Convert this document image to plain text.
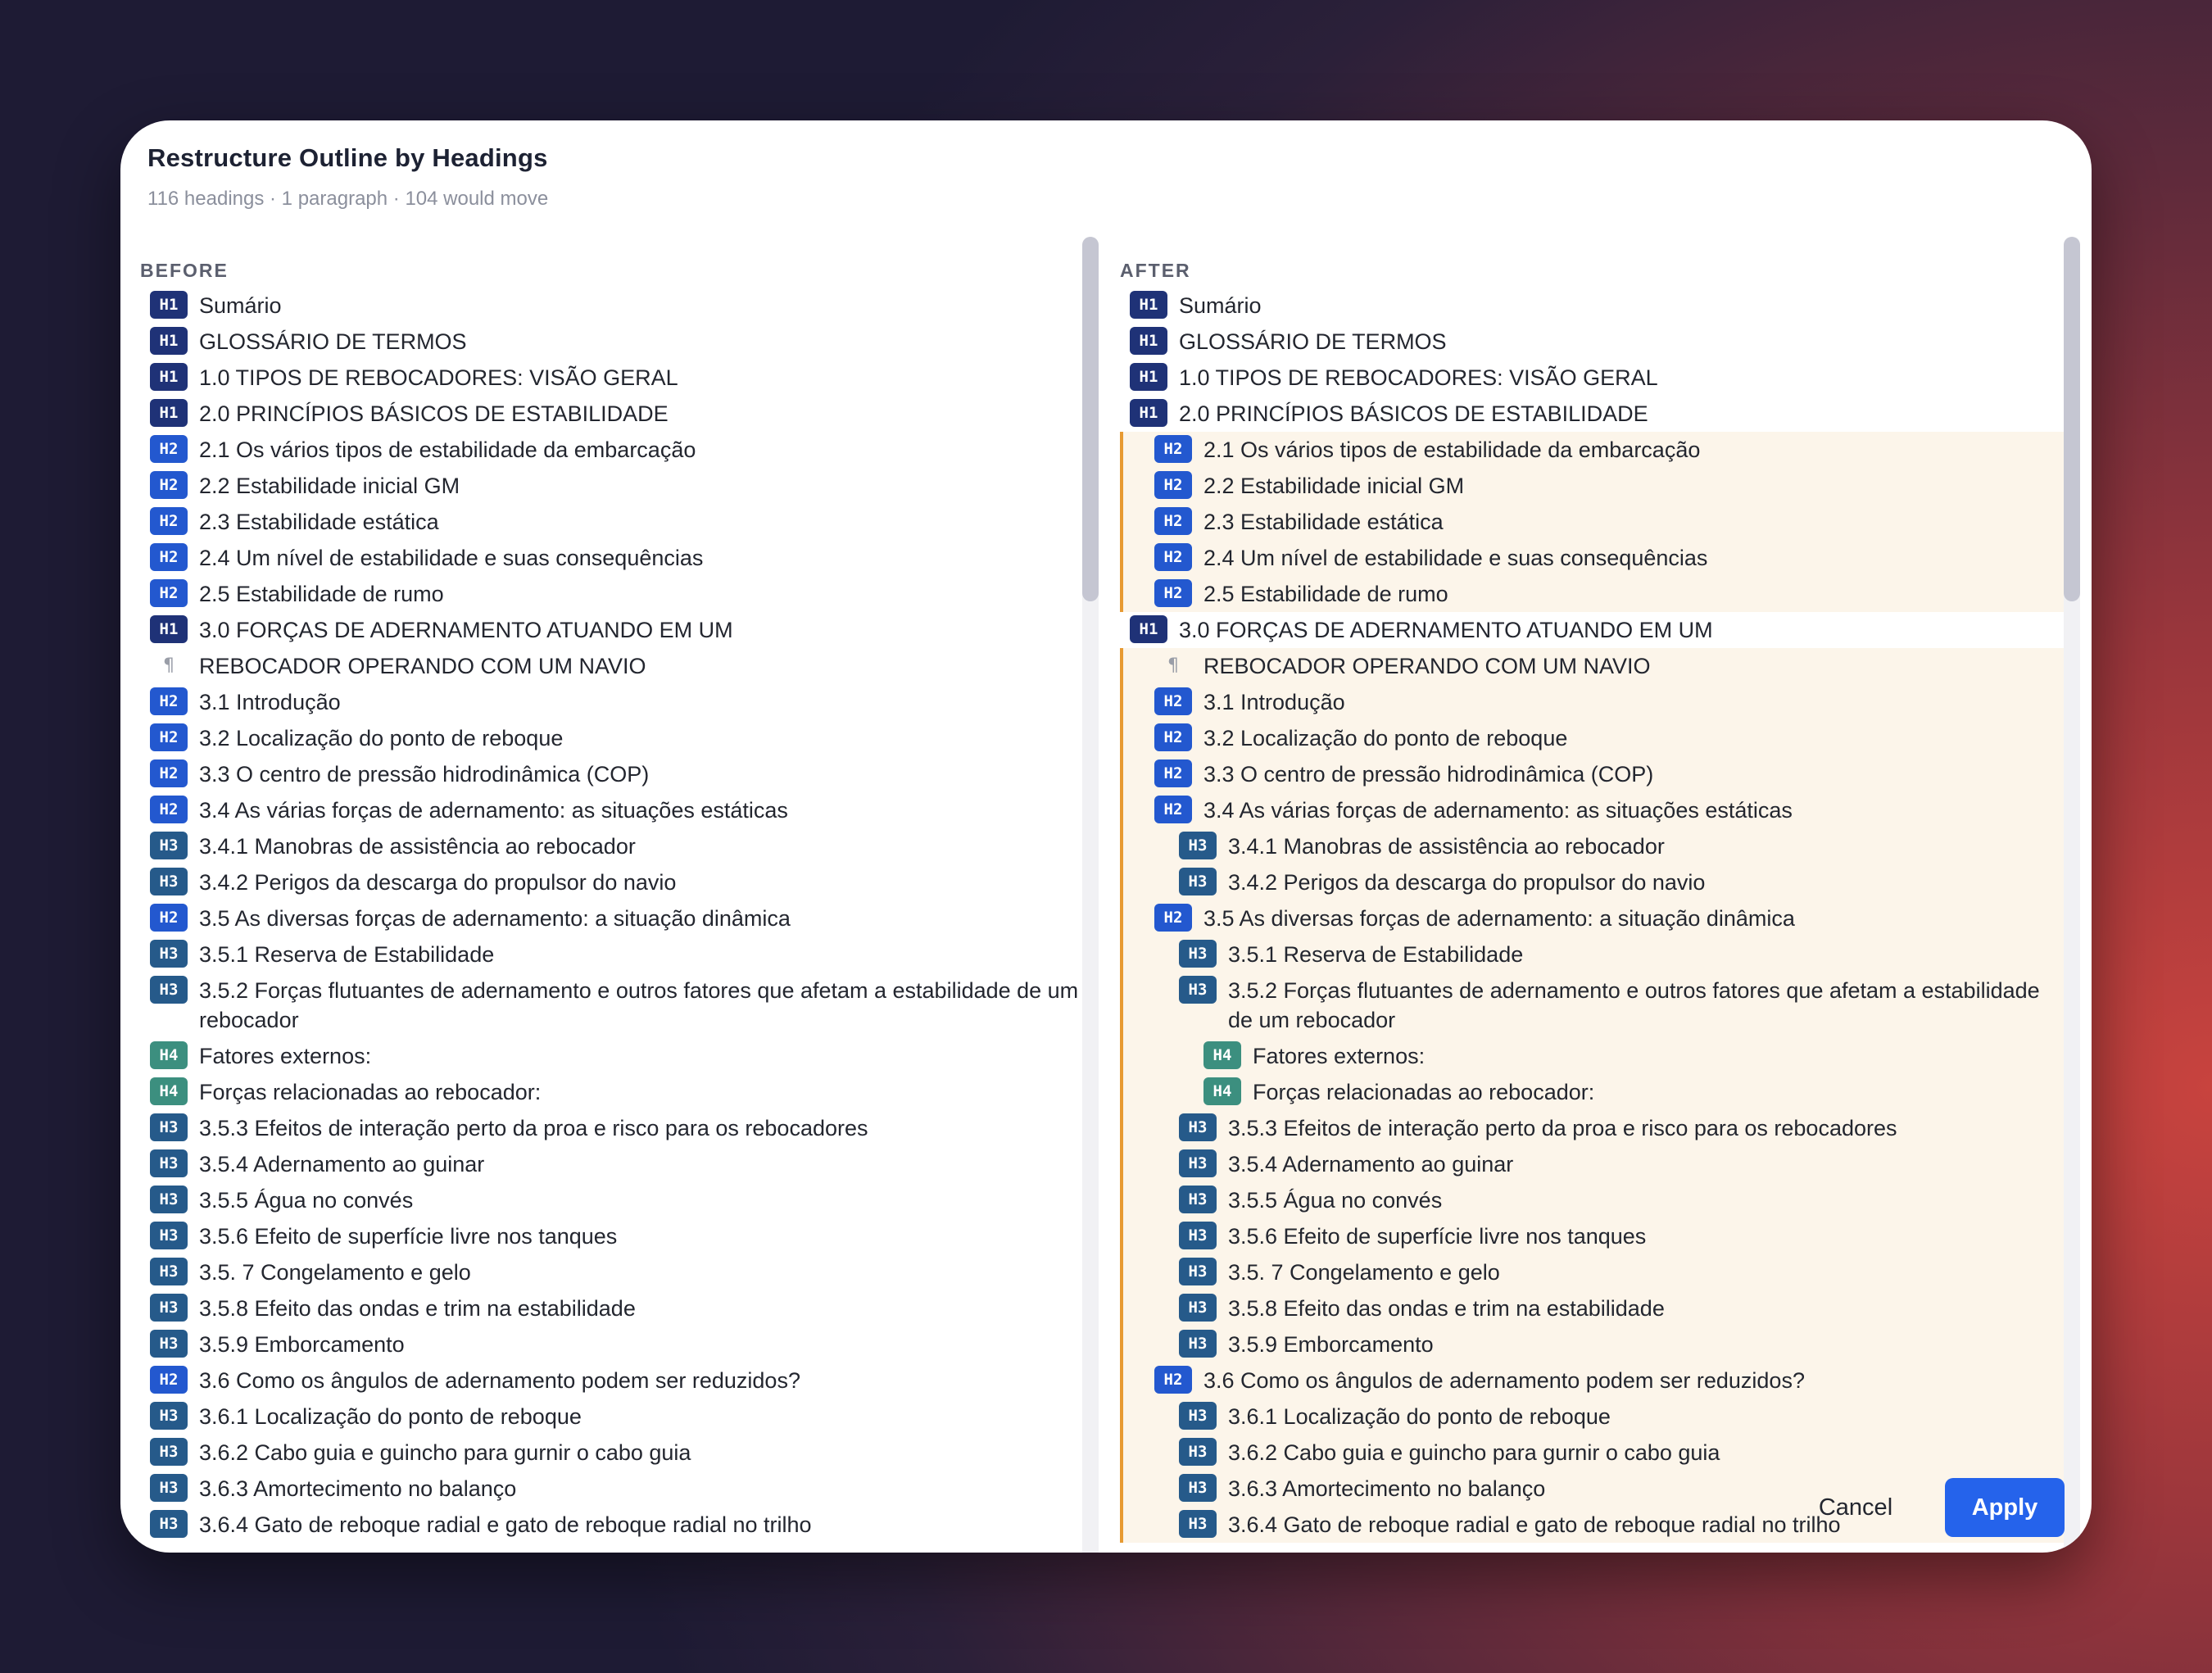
Restructure Outline by Headings
116 headings · 1 paragraph · 104 would move
BEFORE
H1 Sumário
H1 GLOSSÁRIO DE TERMOS
H1 1.0 TIPOS DE REBOCADORES: VISÃO GERAL
H1 2.0 PRINCÍPIOS BÁSICOS DE ESTABILIDADE
H2 2.1 Os vários tipos de estabilidade da embarcação
H2 2.2 Estabilidade inicial GM
H2 2.3 Estabilidade estática
H2 2.4 Um nível de estabilidade e suas consequências
H2 2.5 Estabilidade de rumo
H1 3.0 FORÇAS DE ADERNAMENTO ATUANDO EM UM
¶	REBOCADOR OPERANDO COM UM NAVIO
H2 3.1 Introdução
H2 3.2 Localização do ponto de reboque
H2 3.3 O centro de pressão hidrodinâmica (COP)
H2 3.4 As várias forças de adernamento: as situações estáticas
H3 3.4.1 Manobras de assistência ao rebocador
H3 3.4.2 Perigos da descarga do propulsor do navio
H2 3.5 As diversas forças de adernamento: a situação dinâmica
H3 3.5.1 Reserva de Estabilidade
H3 3.5.2 Forças flutuantes de adernamento e outros fatores que afetam a estabilidade de um rebocador
H4 Fatores externos:
H4 Forças relacionadas ao rebocador:
H3 3.5.3 Efeitos de interação perto da proa e risco para os rebocadores
H3 3.5.4 Adernamento ao guinar
H3 3.5.5 Água no convés
H3 3.5.6 Efeito de superfície livre nos tanques
H3 3.5. 7 Congelamento e gelo
H3 3.5.8 Efeito das ondas e trim na estabilidade
H3 3.5.9 Emborcamento
H2 3.6 Como os ângulos de adernamento podem ser reduzidos?
H3 3.6.1 Localização do ponto de reboque
H3 3.6.2 Cabo guia e guincho para gurnir o cabo guia
H3 3.6.3 Amortecimento no balanço
H3 3.6.4 Gato de reboque radial e gato de reboque radial no trilho
AFTER
H1 Sumário
H1 GLOSSÁRIO DE TERMOS
H1 1.0 TIPOS DE REBOCADORES: VISÃO GERAL
H1 2.0 PRINCÍPIOS BÁSICOS DE ESTABILIDADE
H2 2.1 Os vários tipos de estabilidade da embarcação
H2 2.2 Estabilidade inicial GM
H2 2.3 Estabilidade estática
H2 2.4 Um nível de estabilidade e suas consequências
H2 2.5 Estabilidade de rumo
H1 3.0 FORÇAS DE ADERNAMENTO ATUANDO EM UM
¶	REBOCADOR OPERANDO COM UM NAVIO
H2 3.1 Introdução
H2 3.2 Localização do ponto de reboque
H2 3.3 O centro de pressão hidrodinâmica (COP)
H2 3.4 As várias forças de adernamento: as situações estáticas
H3 3.4.1 Manobras de assistência ao rebocador
H3 3.4.2 Perigos da descarga do propulsor do navio
H2 3.5 As diversas forças de adernamento: a situação dinâmica
H3 3.5.1 Reserva de Estabilidade
H3 3.5.2 Forças flutuantes de adernamento e outros fatores que afetam a estabilidade de um rebocador
H4 Fatores externos:
H4 Forças relacionadas ao rebocador:
H3 3.5.3 Efeitos de interação perto da proa e risco para os rebocadores
H3 3.5.4 Adernamento ao guinar
H3 3.5.5 Água no convés
H3 3.5.6 Efeito de superfície livre nos tanques
H3 3.5. 7 Congelamento e gelo
H3 3.5.8 Efeito das ondas e trim na estabilidade
H3 3.5.9 Emborcamento
H2 3.6 Como os ângulos de adernamento podem ser reduzidos?
H3 3.6.1 Localização do ponto de reboque
H3 3.6.2 Cabo guia e guincho para gurnir o cabo guia
H3 3.6.3 Amortecimento no balanço
H3 3.6.4 Gato de reboque radial e gato de reboque radial no trilho
Cancel	Apply
